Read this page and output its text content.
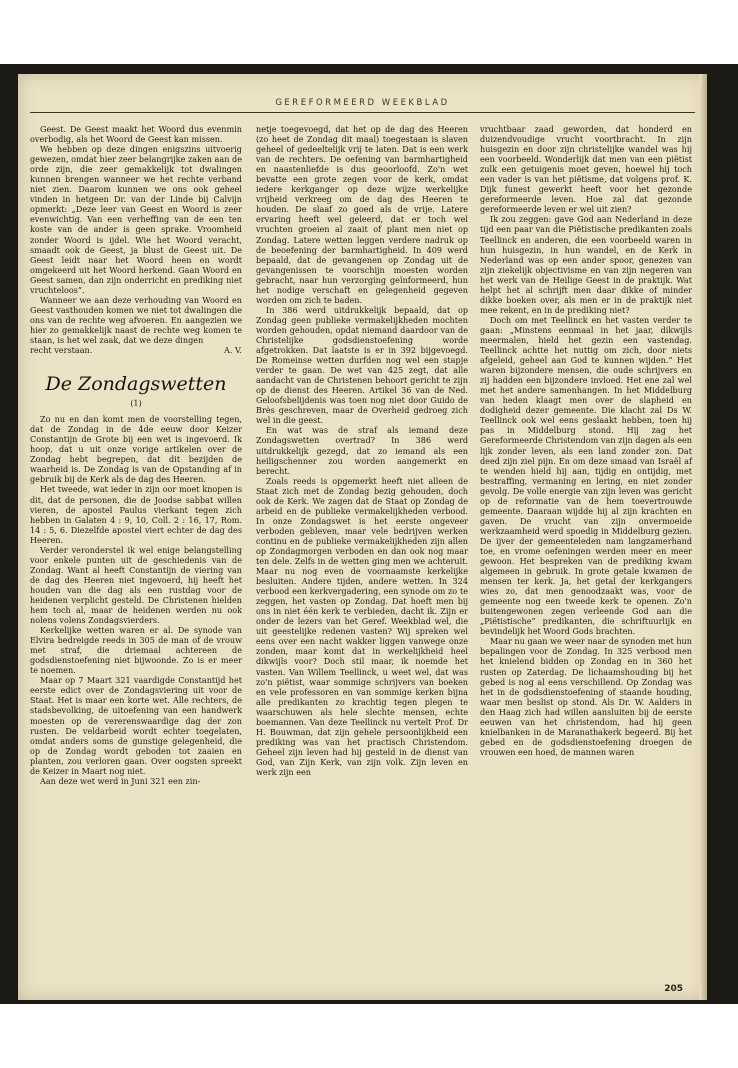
GEREFORMEERD WEEKBLAD

Geest. De Geest maakt het Woord dus evenmin overbodig, als het Woord de Geest kan missen.

We hebben op deze dingen enigszins uitvoerig gewezen, omdat hier zeer belangrijke zaken aan de orde zijn, die zeer gemakkelijk tot dwalingen kunnen brengen wanneer we het rechte verband niet zien. Daarom kunnen we ons ook geheel vinden in hetgeen Dr. van der Linde bij Calvijn opmerkt: „Deze leer van Geest en Woord is zeer evenwichtig. Van een verheffing van de een ten koste van de ander is geen sprake. Vroomheid zonder Woord is ijdel. Wie het Woord veracht, smaadt ook de Geest, ja blust de Geest uit. De Geest leidt naar het Woord heen en wordt omgekeerd uit het Woord herkend. Gaan Woord en Geest samen, dan zijn onderricht en prediking niet vruchteloos”.

Wanneer we aan deze verhouding van Woord en Geest vasthouden komen we niet tot dwalingen die ons van de rechte weg afvoeren. En aangezien we hier zo gemakkelijk naast de rechte weg komen te staan, is het wel zaak, dat we deze dingen

recht verstaan.	A. V.

De Zondagswetten

(1)

Zo nu en dan komt men de voorstelling tegen, dat de Zondag in de 4de eeuw door Keizer Constantijn de Grote bij een wet is ingevoerd. Ik hoop, dat u uit onze vorige artikelen over de Zondag hebt begrepen, dat dit bezijden de waarheid is. De Zondag is van de Opstanding af in gebruik bij de Kerk als de dag des Heeren.

Het tweede, wat ieder in zijn oor moet knopen is dit, dat de personen, die de Joodse sabbat willen vieren, de apostel Paulus vierkant tegen zich hebben in Galaten 4 : 9, 10, Coll. 2 : 16, 17, Rom. 14 : 5, 6. Diezelfde apostel viert echter de dag des Heeren.

Verder veronderstel ik wel enige belangstelling voor enkele punten uit de geschiedenis van de Zondag. Want al heeft Constantijn de viering van de dag des Heeren niet ingevoerd, hij heeft het houden van die dag als een rustdag voor de heidenen verplicht gesteld. De Christenen hielden hem toch al, maar de heidenen werden nu ook nolens volens Zondagsvierders.

Kerkelijke wetten waren er al. De synode van Elvira bedreigde reeds in 305 de man of de vrouw met straf, die driemaal achtereen de godsdienstoefening niet bijwoonde. Zo is er meer te noemen.

Maar op 7 Maart 321 vaardigde Constantijd het eerste edict over de Zondagsviering uit voor de Staat. Het is maar een korte wet. Alle rechters, de stadsbevolking, de uitoefening van een handwerk moesten op de vererenswaardige dag der zon rusten. De veldarbeid wordt echter toegelaten, omdat anders soms de gunstige gelegenheid, die op de Zondag wordt geboden tot zaaien en planten, zou verloren gaan. Over oogsten spreekt de Keizer in Maart nog niet.

Aan deze wet werd in Juni 321 een zin-

netje toegevoegd, dat het op de dag des Heeren (zo heet de Zondag dit maal) toegestaan is slaven geheel of gedeeltelijk vrij te laten. Dat is een werk van de rechters. De oefening van barmhartigheid en naastenliefde is dus geoorloofd. Zo'n wet bevatte een grote zegen voor de kerk, omdat iedere kerkganger op deze wijze werkelijke vrijheid verkreeg om de dag des Heeren te houden. De slaaf zo goed als de vrije. Latere ervaring heeft wel geleerd, dat er toch wel vruchten groeien al zaait of plant men niet op Zondag. Latere wetten leggen verdere nadruk op de beoefening der barmhartigheid. In 409 werd bepaald, dat de gevangenen op Zondag uit de gevangenissen te voorschijn moesten worden gebracht, naar hun verzorging geïnformeerd, hun het nodige verschaft en gelegenheid gegeven worden om zich te baden.

In 386 werd uitdrukkelijk bepaald, dat op Zondag geen publieke vermakelijkheden mochten worden gehouden, opdat niemand daardoor van de Christelijke godsdienstoefening worde afgetrokken. Dat laatste is er in 392 bijgevoegd. De Romeinse wetten durfden nog wel een stapje verder te gaan. De wet van 425 zegt, dat alle aandacht van de Christenen behoort gericht te zijn op de dienst des Heeren. Artikel 36 van de Ned. Geloofsbelijdenis was toen nog niet door Guido de Brès geschreven, maar de Overheid gedroeg zich wel in die geest.

En wat was de straf als iemand deze Zondagswetten overtrad? In 386 werd uitdrukkelijk gezegd, dat zo iemand als een heiligschenner zou worden aangemerkt en berecht.

Zoals reeds is opgemerkt heeft niet alleen de Staat zich met de Zondag bezig gehouden, doch ook de Kerk. We zagen dat de Staat op Zondag de arbeid en de publieke vermakelijkheden verbood. In onze Zondagswet is het eerste ongeveer verboden gebleven, maar vele bedrijven werken continu en de publieke vermakelijkheden zijn allen op Zondagmorgen verboden en dan ook nog maar ten dele. Zelfs in de wetten ging men we achteruit. Maar nu nog even de voornaamste kerkelijke besluiten. Andere tijden, andere wetten. In 324 verbood een kerkvergadering, een synode om zo te zeggen, het vasten op Zondag. Dat hoeft men bij ons in niet één kerk te verbieden, dacht ik. Zijn er onder de lezers van het Geref. Weekblad wel, die uit geestelijke redenen vasten? Wij spreken wel eens over een nacht wakker liggen vanwege onze zonden, maar komt dat in werkelijkheid heel dikwijls voor? Doch stil maar, ik noemde het vasten. Van Willem Teellinck, u weet wel, dat was zo'n piëtist, waar sommige schrijvers van boeken en vele professoren en van sommige kerken bijna alle predikanten zo krachtig tegen plegen te waarschuwen als hele slechte mensen, echte boemannen. Van deze Teellinck nu vertelt Prof. Dr H. Bouwman, dat zijn gehele persoonlijkheid een prediking was van het practisch Christendom. Geheel zijn leven had hij gesteld in de dienst van God, van Zijn Kerk, van zijn volk. Zijn leven en werk zijn een

vruchtbaar zaad geworden, dat honderd en duizendvoudige vrucht voortbracht. In zijn huisgezin en door zijn christelijke wandel was hij een voorbeeld. Wonderlijk dat men van een piëtist zulk een getuigenis moet geven, hoewel hij toch een vader is van het piëtisme, dat volgens prof. K. Dijk funest gewerkt heeft voor het gezonde gereformeerde leven. Hoe zal dat gezonde gereformeerde leven er wel uit zien?

Ik zou zeggen: gave God aan Nederland in deze tijd een paar van die Piëtistische predikanten zoals Teellinck en anderen, die een voorbeeld waren in hun huisgezin, in hun wandel, en de Kerk in Nederland was op een ander spoor, genezen van zijn ziekelijk objectivisme en van zijn negeren van het werk van de Heilige Geest in de praktijk. Wat helpt het al schrijft men daar dikke of minder dikke boeken over, als men er in de praktijk niet mee rekent, en in de prediking niet?

Doch om met Teellinck en het vasten verder te gaan: „Minstens eenmaal in het jaar, dikwijls meermalen, hield het gezin een vastendag. Teellinck achtte het nuttig om zich, door niets afgeleid, geheel aan God te kunnen wijden.” Het waren bijzondere mensen, die oude schrijvers en zij hadden een bijzondere invloed. Het ene zal wel met het andere samenhangen. In het Middelburg van heden klaagt men over de slapheid en dodigheid dezer gemeente. Die klacht zal Ds W. Teellinck ook wel eens geslaakt hebben, toen hij pas in Middelburg stond. Hij zag het Gereformeerde Christendom van zijn dagen als een lijk zonder leven, als een land zonder zon. Dat deed zijn ziel pijn. En om deze smaad van Israël af te wenden hield hij aan, tijdig en ontijdig, met bestraffing, vermaning en lering, en niet zonder gevolg. De volle energie van zijn leven was gericht op de reformatie van de hem toevertrouwde gemeente. Daaraan wijdde hij al zijn krachten en gaven. De vrucht van zijn onvermoeide werkzaamheid werd spoedig in Middelburg gezien. De ijver der gemeenteleden nam langzamerhand toe, en vrome oefeningen werden meer en meer gewoon. Het bespreken van de prediking kwam algemeen in gebruik. In grote getale kwamen de mensen ter kerk. Ja, het getal der kerkgangers wies zo, dat men genoodzaakt was, voor de gemeente nog een tweede kerk te openen. Zo'n buitengewonen zegen verleende God aan die „Piëtistische” predikanten, die schriftuurlijk en bevindelijk het Woord Gods brachten.

Maar nu gaan we weer naar de synoden met hun bepalingen voor de Zondag. In 325 verbood men het knielend bidden op Zondag en in 360 het rusten op Zaterdag. De lichaamshouding bij het gebed is nog al eens verschillend. Op Zondag was het in de godsdienstoefening of staande houding, waar men beslist op stond. Als Dr. W. Aalders in den Haag zich had willen aansluiten bij de eerste eeuwen van het christendom, had hij geen knielbanken in de Maranathakerk begeerd. Bij het gebed en de godsdienstoefening droegen de vrouwen een hoed, de mannen waren

205
